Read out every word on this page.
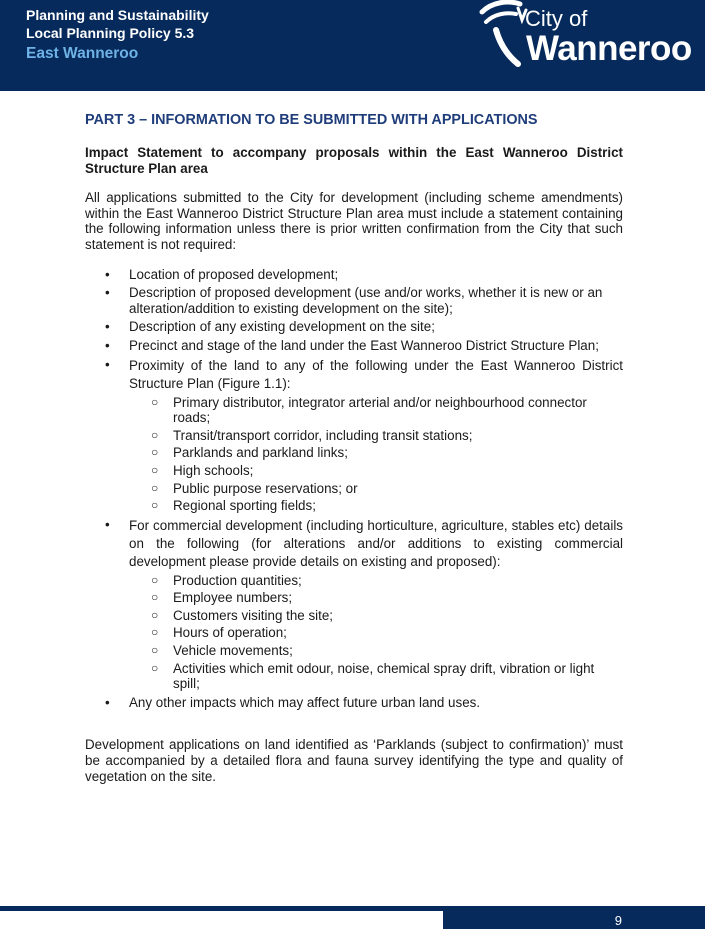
Planning and Sustainability
Local Planning Policy 5.3
East Wanneroo
City of
Wanneroo
PART 3 – INFORMATION TO BE SUBMITTED WITH APPLICATIONS

Impact Statement to accompany proposals within the East Wanneroo District Structure Plan area

All applications submitted to the City for development (including scheme amendments) within the East Wanneroo District Structure Plan area must include a statement containing the following information unless there is prior written confirmation from the City that such statement is not required:

• Location of proposed development;
• Description of proposed development (use and/or works, whether it is new or an alteration/addition to existing development on the site);
• Description of any existing development on the site;
• Precinct and stage of the land under the East Wanneroo District Structure Plan;
• Proximity of the land to any of the following under the East Wanneroo District Structure Plan (Figure 1.1):
○ Primary distributor, integrator arterial and/or neighbourhood connector roads;
○ Transit/transport corridor, including transit stations;
○ Parklands and parkland links;
○ High schools;
○ Public purpose reservations; or
○ Regional sporting fields;
• For commercial development (including horticulture, agriculture, stables etc) details on the following (for alterations and/or additions to existing commercial development please provide details on existing and proposed):
○ Production quantities;
○ Employee numbers;
○ Customers visiting the site;
○ Hours of operation;
○ Vehicle movements;
○ Activities which emit odour, noise, chemical spray drift, vibration or light spill;
• Any other impacts which may affect future urban land uses.

Development applications on land identified as ‘Parklands (subject to confirmation)’ must be accompanied by a detailed flora and fauna survey identifying the type and quality of vegetation on the site.

9
